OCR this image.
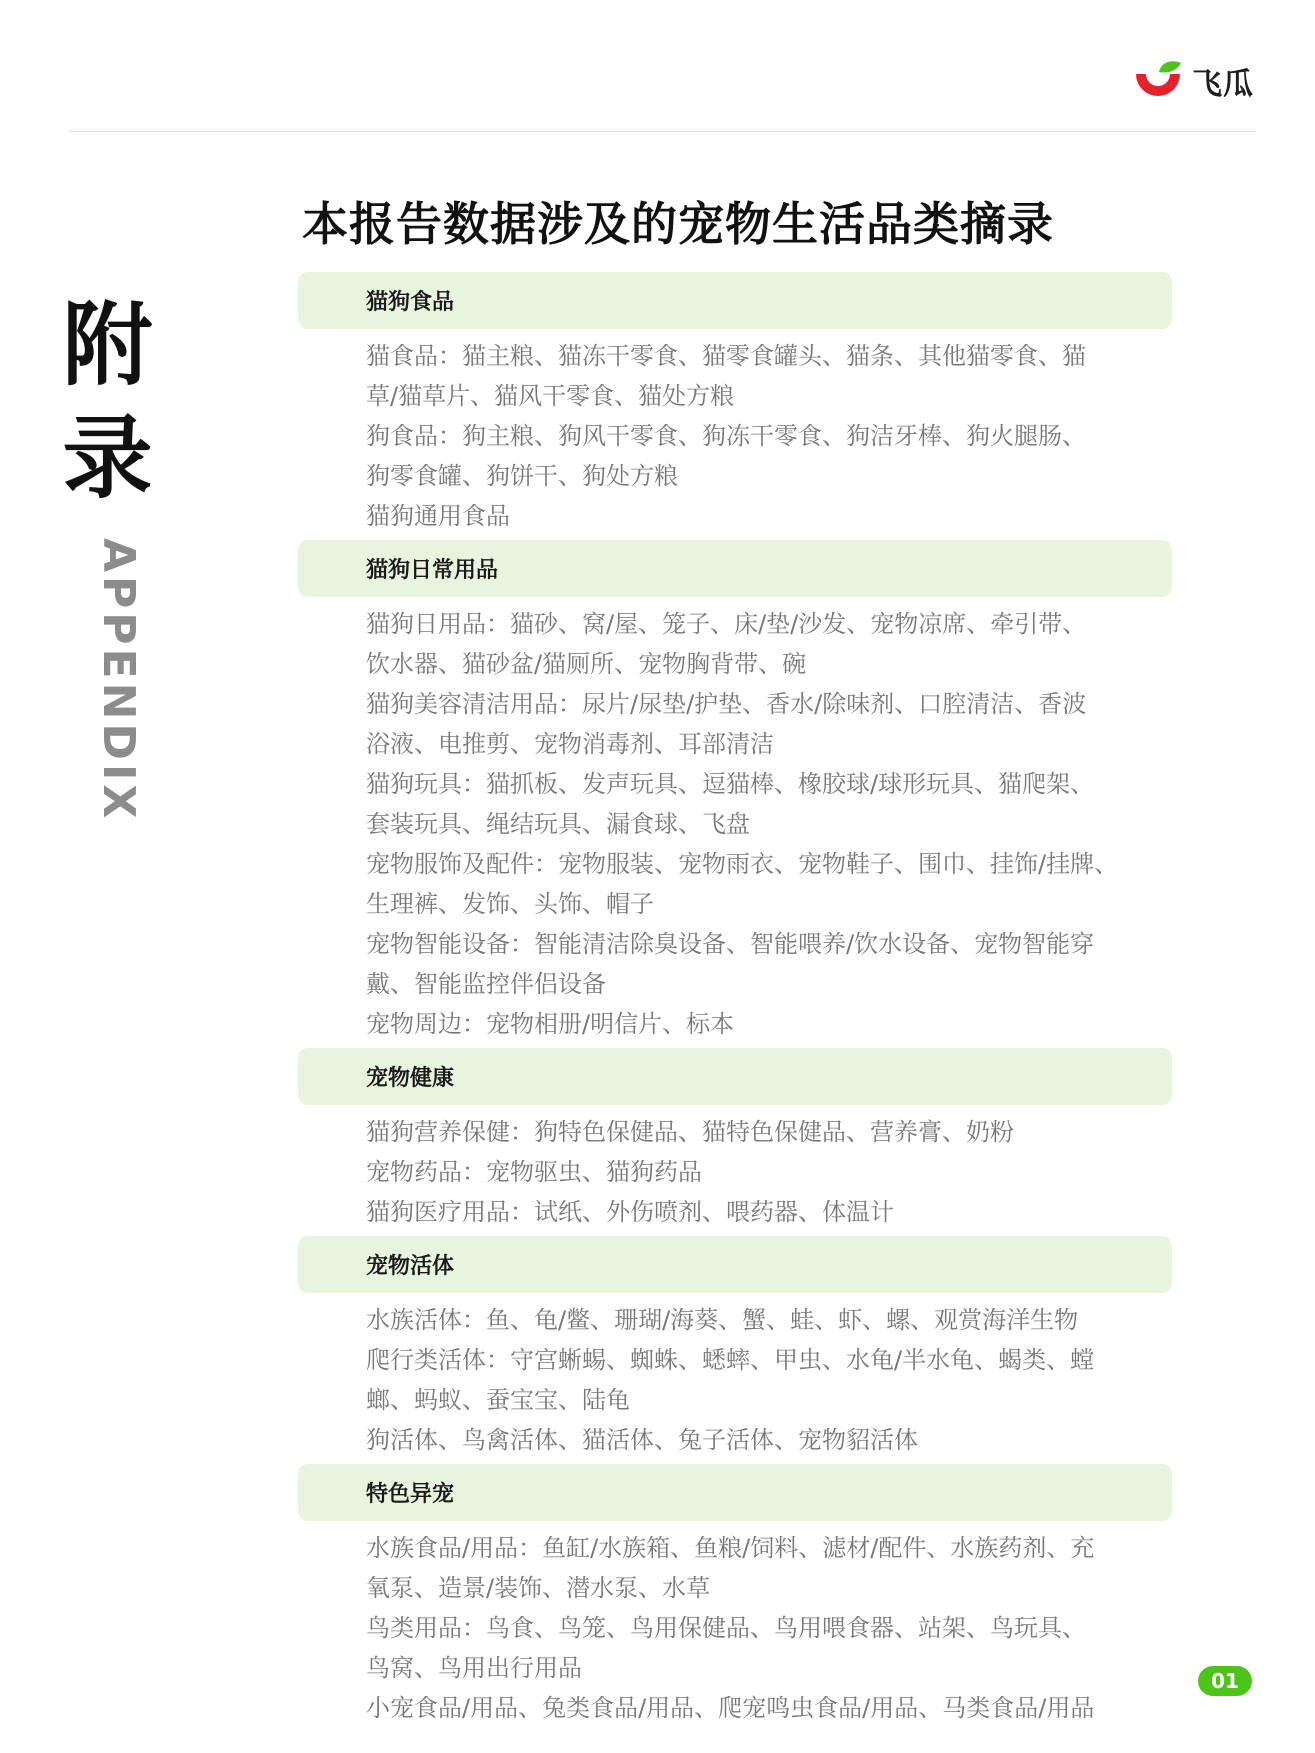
飞瓜
附
录
APPENDIX
本报告数据涉及的宠物生活品类摘录
猫狗食品

猫食品：猫主粮、猫冻干零食、猫零食罐头、猫条、其他猫零食、猫

草/猫草片、猫风干零食、猫处方粮

狗食品：狗主粮、狗风干零食、狗冻干零食、狗洁牙棒、狗火腿肠、

狗零食罐、狗饼干、狗处方粮

猫狗通用食品

猫狗日常用品

猫狗日用品：猫砂、窝/屋、笼子、床/垫/沙发、宠物凉席、牵引带、

饮水器、猫砂盆/猫厕所、宠物胸背带、碗

猫狗美容清洁用品：尿片/尿垫/护垫、香水/除味剂、口腔清洁、香波

浴液、电推剪、宠物消毒剂、耳部清洁

猫狗玩具：猫抓板、发声玩具、逗猫棒、橡胶球/球形玩具、猫爬架、

套装玩具、绳结玩具、漏食球、飞盘

宠物服饰及配件：宠物服装、宠物雨衣、宠物鞋子、围巾、挂饰/挂牌、

生理裤、发饰、头饰、帽子

宠物智能设备：智能清洁除臭设备、智能喂养/饮水设备、宠物智能穿

戴、智能监控伴侣设备

宠物周边：宠物相册/明信片、标本

宠物健康

猫狗营养保健：狗特色保健品、猫特色保健品、营养膏、奶粉

宠物药品：宠物驱虫、猫狗药品

猫狗医疗用品：试纸、外伤喷剂、喂药器、体温计

宠物活体

水族活体：鱼、龟/鳖、珊瑚/海葵、蟹、蛙、虾、螺、观赏海洋生物

爬行类活体：守宫蜥蜴、蜘蛛、蟋蟀、甲虫、水龟/半水龟、蝎类、螳

螂、蚂蚁、蚕宝宝、陆龟

狗活体、鸟禽活体、猫活体、兔子活体、宠物貂活体

特色异宠

水族食品/用品：鱼缸/水族箱、鱼粮/饲料、滤材/配件、水族药剂、充

氧泵、造景/装饰、潜水泵、水草

鸟类用品：鸟食、鸟笼、鸟用保健品、鸟用喂食器、站架、鸟玩具、

鸟窝、鸟用出行用品

小宠食品/用品、兔类食品/用品、爬宠鸣虫食品/用品、马类食品/用品

01
